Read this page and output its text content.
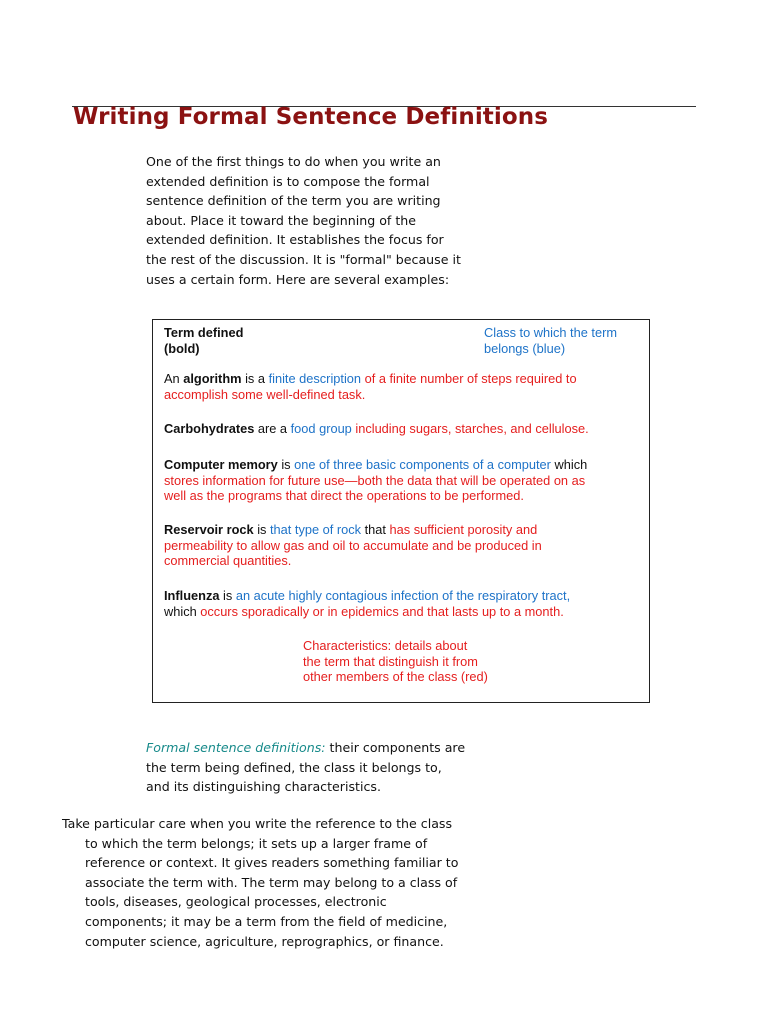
Writing Formal Sentence Definitions

One of the first things to do when you write an
extended definition is to compose the formal
sentence definition of the term you are writing
about. Place it toward the beginning of the
extended definition. It establishes the focus for
the rest of the discussion. It is "formal" because it
uses a certain form. Here are several examples:

Term defined
(bold)
Class to which the term
belongs (blue)
An algorithm is a finite description of a finite number of steps required to
accomplish some well-defined task.
Carbohydrates are a food group including sugars, starches, and cellulose.
Computer memory is one of three basic components of a computer which
stores information for future use—both the data that will be operated on as
well as the programs that direct the operations to be performed.
Reservoir rock is that type of rock that has sufficient porosity and
permeability to allow gas and oil to accumulate and be produced in
commercial quantities.
Influenza is an acute highly contagious infection of the respiratory tract,
which occurs sporadically or in epidemics and that lasts up to a month.
Characteristics: details about
the term that distinguish it from
other members of the class (red)

Formal sentence definitions: their components are
the term being defined, the class it belongs to,
and its distinguishing characteristics.

Take particular care when you write the reference to the class
to which the term belongs; it sets up a larger frame of
reference or context. It gives readers something familiar to
associate the term with. The term may belong to a class of
tools, diseases, geological processes, electronic
components; it may be a term from the field of medicine,
computer science, agriculture, reprographics, or finance.
